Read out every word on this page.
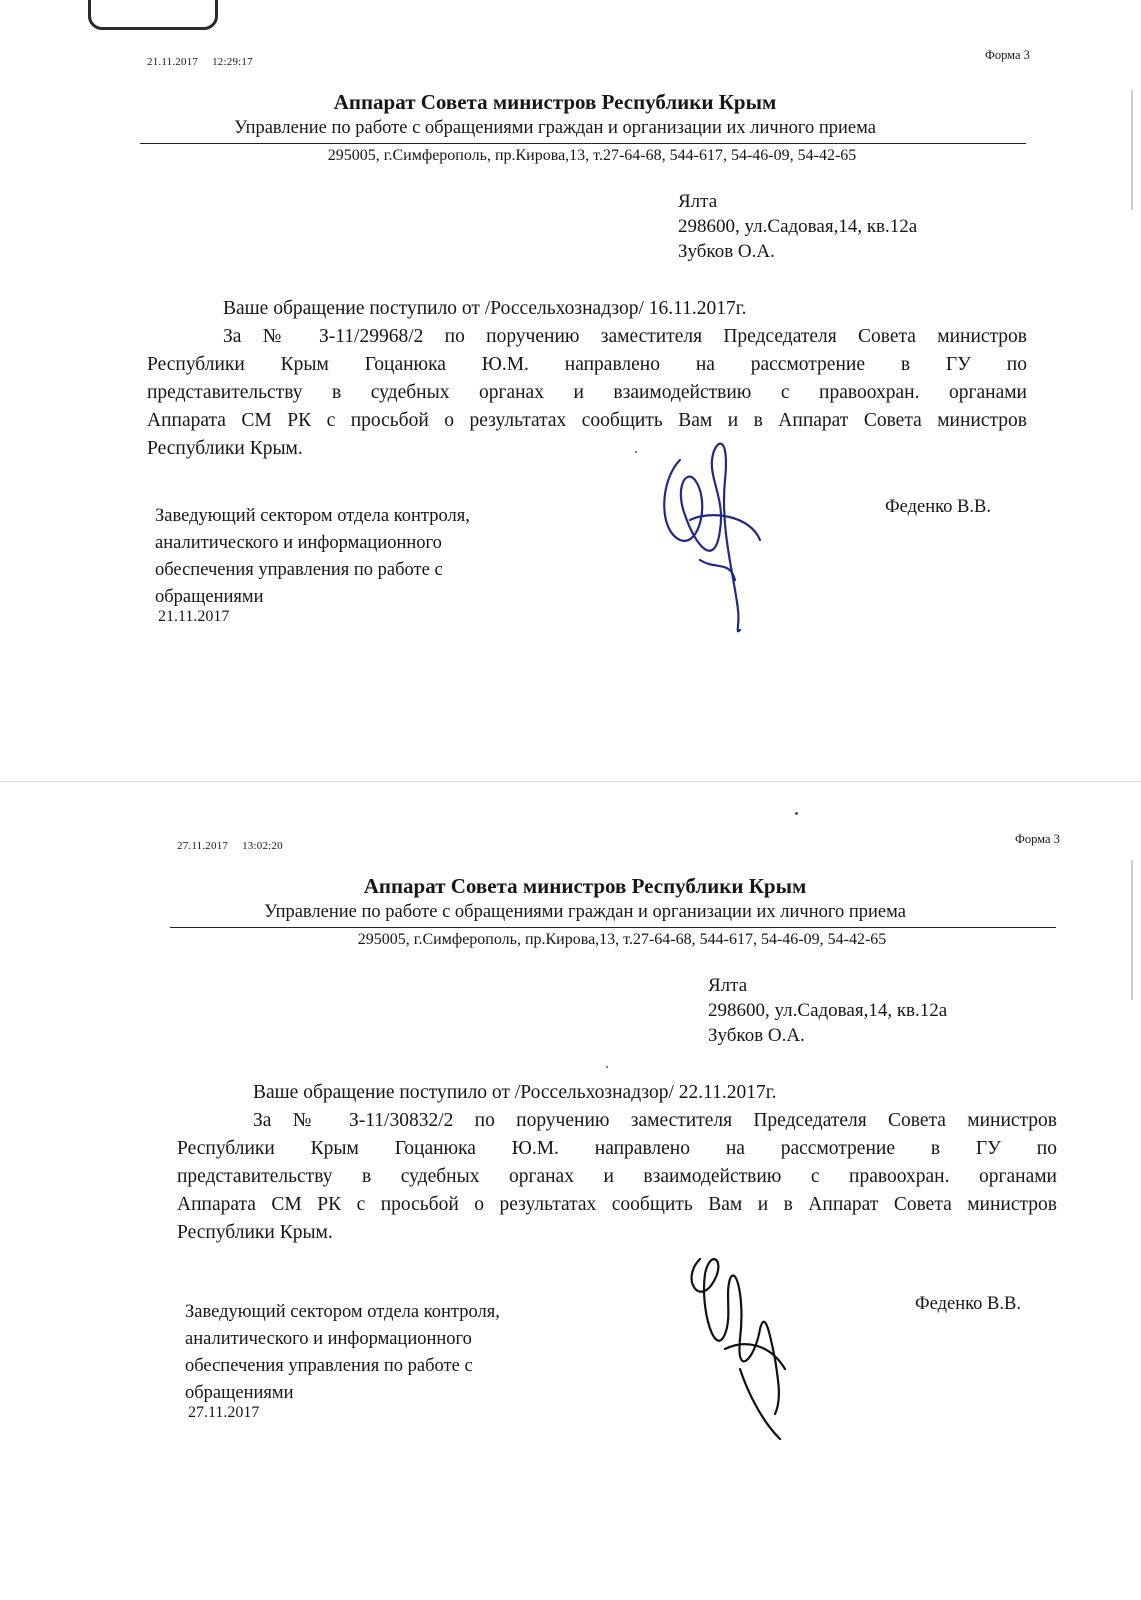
21.11.2017 12:29:17	Форма 3
Аппарат Совета министров Республики Крым
Управление по работе с обращениями граждан и организации их личного приема
295005, г.Симферополь, пр.Кирова,13, т.27-64-68, 544-617, 54-46-09, 54-42-65
Ялта
298600, ул.Садовая,14, кв.12а
Зубков О.А.
Ваше обращение поступило от /Россельхознадзор/ 16.11.2017г.
За № З-11/29968/2 по поручению заместителя Председателя Совета министров
Республики Крым Гоцанюка Ю.М. направлено на рассмотрение в ГУ по
представительству в судебных органах и взаимодействию с правоохран. органами
Аппарата СМ РК с просьбой о результатах сообщить Вам и в Аппарат Совета министров
Республики Крым.
Заведующий сектором отдела контроля,
аналитического и информационного
обеспечения управления по работе с
обращениями
21.11.2017
Феденко В.В.
27.11.2017 13:02:20	Форма 3
Аппарат Совета министров Республики Крым
Управление по работе с обращениями граждан и организации их личного приема
295005, г.Симферополь, пр.Кирова,13, т.27-64-68, 544-617, 54-46-09, 54-42-65
Ялта
298600, ул.Садовая,14, кв.12а
Зубков О.А.
Ваше обращение поступило от /Россельхознадзор/ 22.11.2017г.
За № З-11/30832/2 по поручению заместителя Председателя Совета министров
Республики Крым Гоцанюка Ю.М. направлено на рассмотрение в ГУ по
представительству в судебных органах и взаимодействию с правоохран. органами
Аппарата СМ РК с просьбой о результатах сообщить Вам и в Аппарат Совета министров
Республики Крым.
Заведующий сектором отдела контроля,
аналитического и информационного
обеспечения управления по работе с
обращениями
27.11.2017
Феденко В.В.
